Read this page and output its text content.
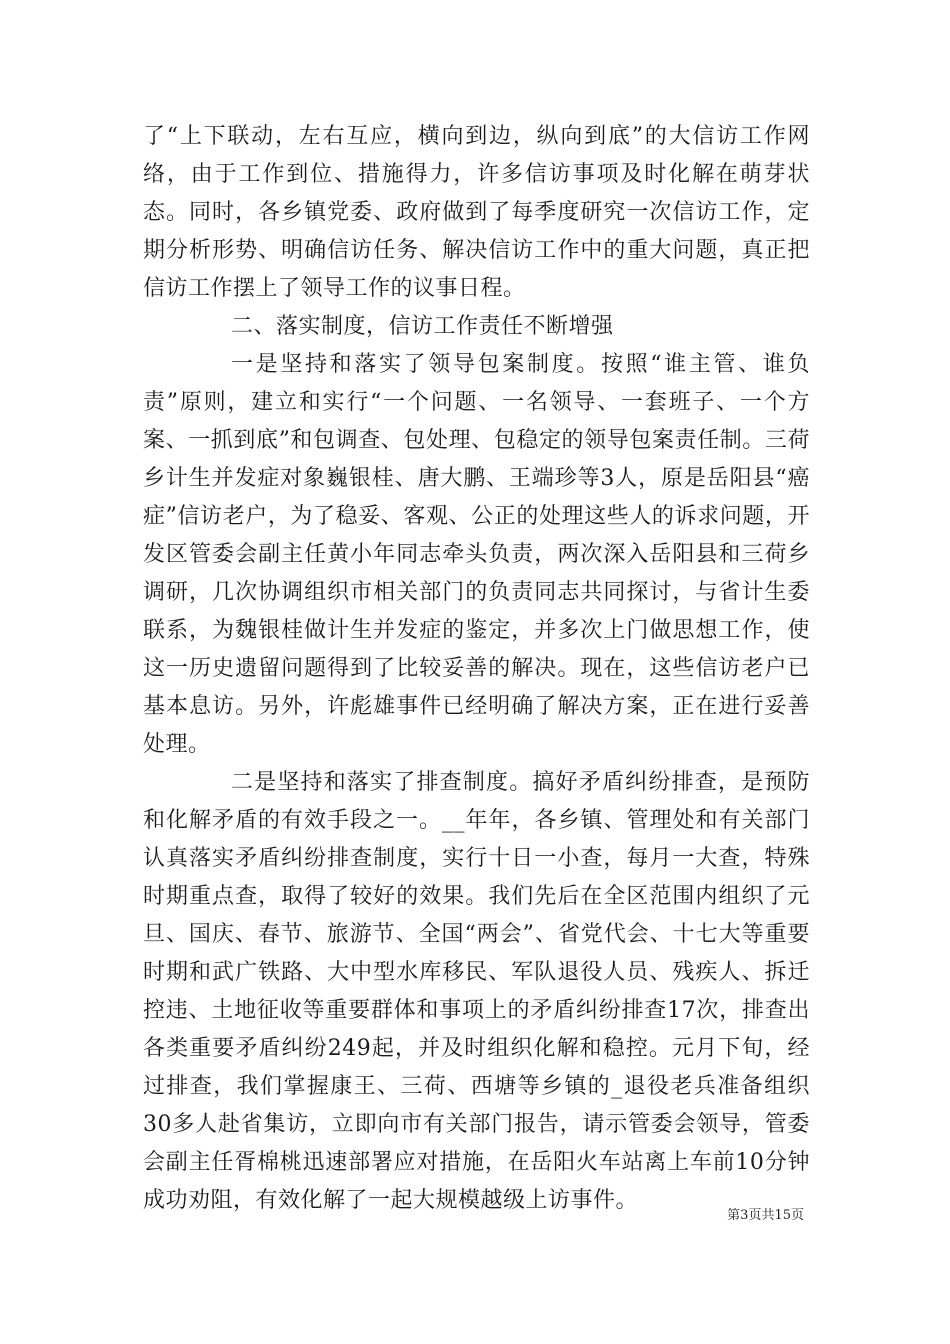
了“上下联动，左右互应，横向到边，纵向到底”的大信访工作网络，由于工作到位、措施得力，许多信访事项及时化解在萌芽状态。同时，各乡镇党委、政府做到了每季度研究一次信访工作，定期分析形势、明确信访任务、解决信访工作中的重大问题，真正把信访工作摆上了领导工作的议事日程。

二、落实制度，信访工作责任不断增强

一是坚持和落实了领导包案制度。按照“谁主管、谁负责”原则，建立和实行“一个问题、一名领导、一套班子、一个方案、一抓到底”和包调查、包处理、包稳定的领导包案责任制。三荷乡计生并发症对象巍银桂、唐大鹏、王端珍等3人，原是岳阳县“癌症”信访老户，为了稳妥、客观、公正的处理这些人的诉求问题，开发区管委会副主任黄小年同志牵头负责，两次深入岳阳县和三荷乡调研，几次协调组织市相关部门的负责同志共同探讨，与省计生委联系，为魏银桂做计生并发症的鉴定，并多次上门做思想工作，使这一历史遗留问题得到了比较妥善的解决。现在，这些信访老户已基本息访。另外，许彪雄事件已经明确了解决方案，正在进行妥善处理。

二是坚持和落实了排查制度。搞好矛盾纠纷排查，是预防和化解矛盾的有效手段之一。__年年，各乡镇、管理处和有关部门认真落实矛盾纠纷排查制度，实行十日一小查，每月一大查，特殊时期重点查，取得了较好的效果。我们先后在全区范围内组织了元旦、国庆、春节、旅游节、全国“两会”、省党代会、十七大等重要时期和武广铁路、大中型水库移民、军队退役人员、残疾人、拆迁控违、土地征收等重要群体和事项上的矛盾纠纷排查17次，排查出各类重要矛盾纠纷249起，并及时组织化解和稳控。元月下旬，经过排查，我们掌握康王、三荷、西塘等乡镇的_退役老兵准备组织30多人赴省集访，立即向市有关部门报告，请示管委会领导，管委会副主任胥棉桃迅速部署应对措施，在岳阳火车站离上车前10分钟成功劝阻，有效化解了一起大规模越级上访事件。

第3页共15页
